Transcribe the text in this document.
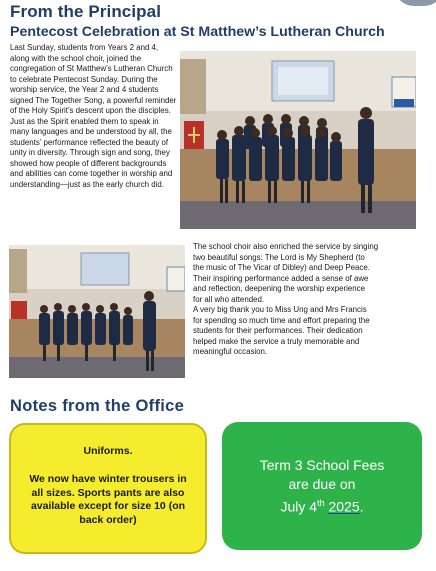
From the Principal
Pentecost Celebration at St Matthew’s Lutheran Church

Last Sunday, students from Years 2 and 4, along with the school choir, joined the congregation of St Matthew’s Lutheran Church to celebrate Pentecost Sunday. During the worship service, the Year 2 and 4 students signed The Together Song, a powerful reminder of the Holy Spirit’s descent upon the disciples. Just as the Spirit enabled them to speak in many languages and be understood by all, the students’ performance reflected the beauty of unity in diversity. Through sign and song, they showed how people of different backgrounds and abilities can come together in worship and understanding—just as the early church did.

The school choir also enriched the service by singing
two beautiful songs: The Lord is My Shepherd (to
the music of The Vicar of Dibley) and Deep Peace.
Their inspiring performance added a sense of awe
and reflection, deepening the worship experience
for all who attended.
A very big thank you to Miss Ung and Mrs Francis
for spending so much time and effort preparing the
students for their performances. Their dedication
helped make the service a truly memorable and
meaningful occasion.

Notes from the Office
Uniforms.
We now have winter trousers in all sizes. Sports pants are also available except for size 10 (on back order)
Term 3 School Fees
are due on
July 4th 2025.
